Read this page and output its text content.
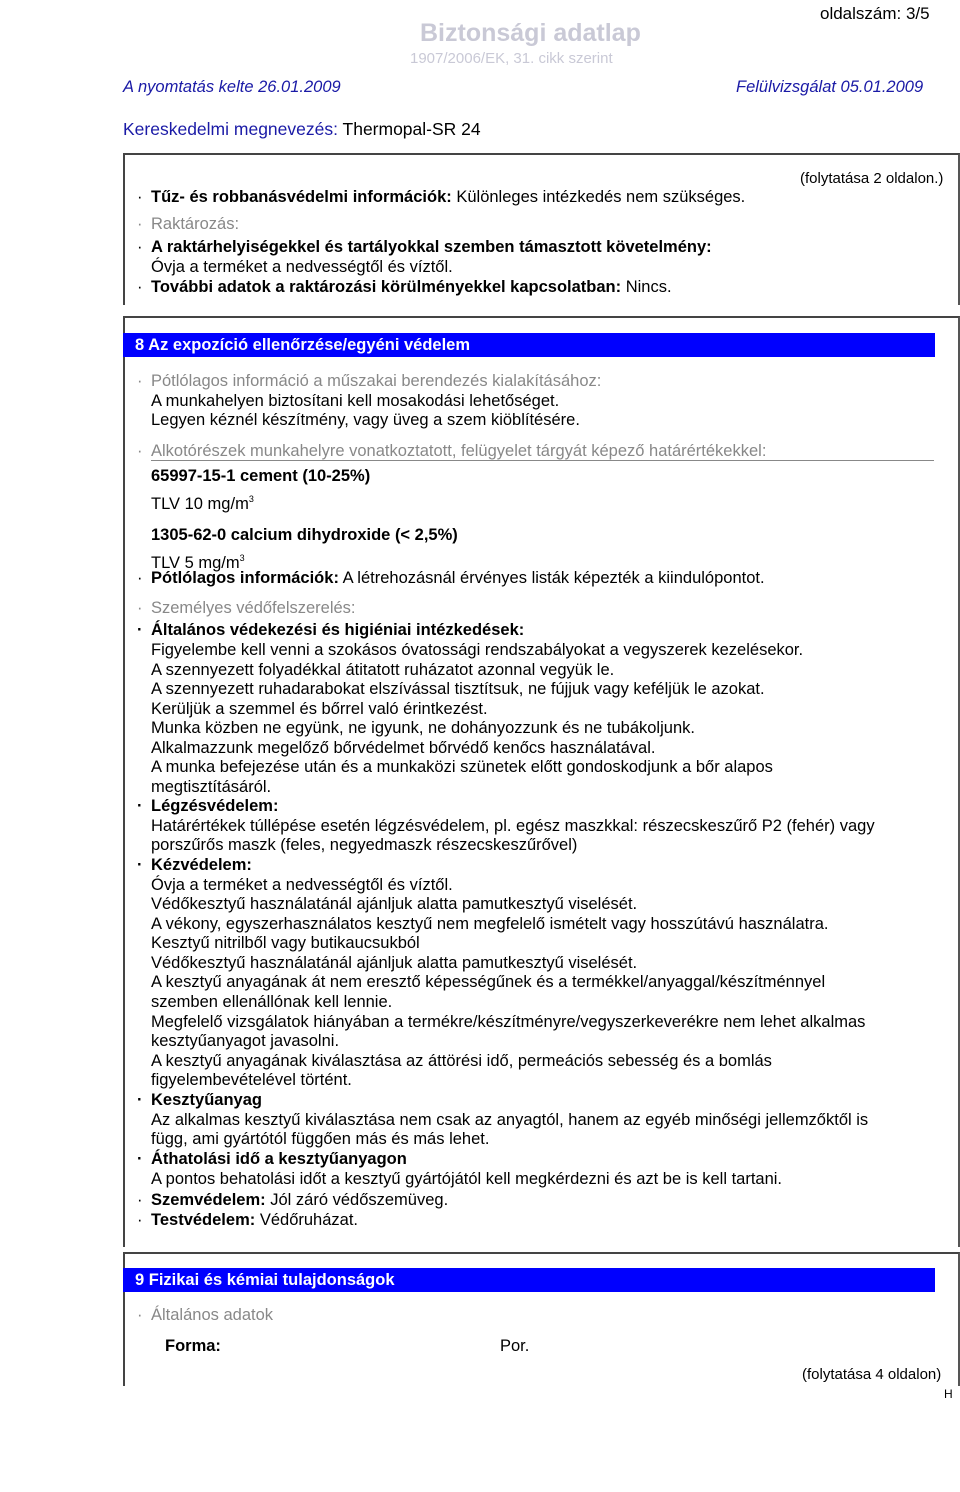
oldalszám: 3/5
Biztonsági adatlap
1907/2006/EK, 31. cikk szerint
A nyomtatás kelte 26.01.2009	Felülvizsgálat 05.01.2009
Kereskedelmi megnevezés: Thermopal-SR 24
(folytatása 2 oldalon.)
· Tűz- és robbanásvédelmi információk: Különleges intézkedés nem szükséges.
· Raktározás:
· A raktárhelyiségekkel és tartályokkal szemben támasztott követelmény:
Óvja a terméket a nedvességtől és víztől.
· További adatok a raktározási körülményekkel kapcsolatban: Nincs.
8 Az expozíció ellenőrzése/egyéni védelem
· Pótlólagos információ a műszakai berendezés kialakításához:
A munkahelyen biztosítani kell mosakodási lehetőséget.
Legyen kéznél készítmény, vagy üveg a szem kiöblítésére.
· Alkotórészek munkahelyre vonatkoztatott, felügyelet tárgyát képező határértékekkel:
65997-15-1 cement (10-25%)
TLV 10 $mg/m^3$
1305-62-0 calcium dihydroxide (< 2,5%)
TLV 5 $mg/m^3$
· Pótlólagos információk: A létrehozásnál érvényes listák képezték a kiindulópontot.
· Személyes védőfelszerelés:
· Általános védekezési és higiéniai intézkedések:
Figyelembe kell venni a szokásos óvatossági rendszabályokat a vegyszerek kezelésekor.
A szennyezett folyadékkal átitatott ruházatot azonnal vegyük le.
A szennyezett ruhadarabokat elszívással tisztítsuk, ne fújjuk vagy keféljük le azokat.
Kerüljük a szemmel és bőrrel való érintkezést.
Munka közben ne együnk, ne igyunk, ne dohányozzunk és ne tubákoljunk.
Alkalmazzunk megelőző bőrvédelmet bőrvédő kenőcs használatával.
A munka befejezése után és a munkaközi szünetek előtt gondoskodjunk a bőr alapos
megtisztításáról.
· Légzésvédelem:
Határértékek túllépése esetén légzésvédelem, pl. egész maszkkal: részecskeszűrő P2 (fehér) vagy
porszűrős maszk (feles, negyedmaszk részecskeszűrővel)
· Kézvédelem:
Óvja a terméket a nedvességtől és víztől.
Védőkesztyű használatánál ajánljuk alatta pamutkesztyű viselését.
A vékony, egyszerhasználatos kesztyű nem megfelelő ismételt vagy hosszútávú használatra.
Kesztyű nitrilből vagy butikaucsukból
Védőkesztyű használatánál ajánljuk alatta pamutkesztyű viselését.
A kesztyű anyagának át nem eresztő képességűnek és a termékkel/anyaggal/készítménnyel
szemben ellenállónak kell lennie.
Megfelelő vizsgálatok hiányában a termékre/készítményre/vegyszerkeverékre nem lehet alkalmas
kesztyűanyagot javasolni.
A kesztyű anyagának kiválasztása az áttörési idő, permeációs sebesség és a bomlás
figyelembevételével történt.
· Kesztyűanyag
Az alkalmas kesztyű kiválasztása nem csak az anyagtól, hanem az egyéb minőségi jellemzőktől is
függ, ami gyártótól függően más és más lehet.
· Áthatolási idő a kesztyűanyagon
A pontos behatolási időt a kesztyű gyártójától kell megkérdezni és azt be is kell tartani.
· Szemvédelem: Jól záró védőszemüveg.
· Testvédelem: Védőruházat.
9 Fizikai és kémiai tulajdonságok
· Általános adatok
Forma:	Por.
(folytatása 4 oldalon)
H
